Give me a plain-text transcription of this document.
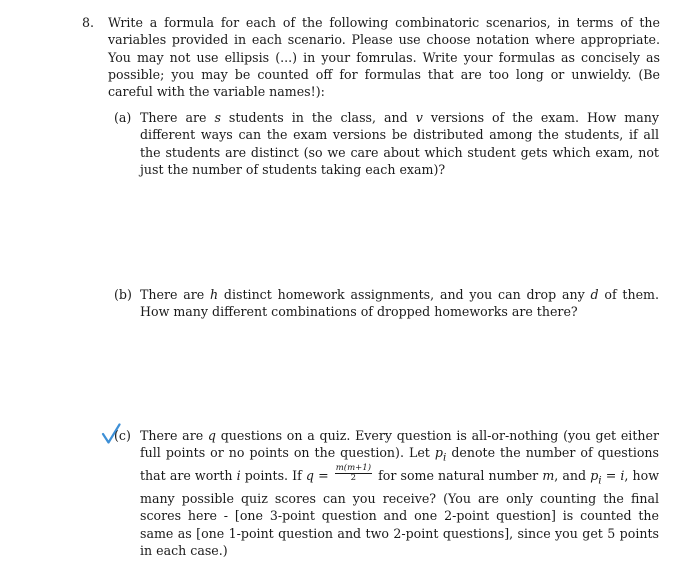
8. Write a formula for each of the following combinatoric scenarios, in terms of the variables provided in each scenario. Please use choose notation where appropriate. You may not use ellipsis (...) in your fomrulas. Write your formulas as concisely as possible; you may be counted off for formulas that are too long or unwieldy. (Be careful with the variable names!):
(a) There are s students in the class, and v versions of the exam. How many different ways can the exam versions be distributed among the students, if all the students are distinct (so we care about which student gets which exam, not just the number of students taking each exam)?
(b) There are h distinct homework assignments, and you can drop any d of them. How many different combinations of dropped homeworks are there?
(c) There are q questions on a quiz. Every question is all-or-nothing (you get either full points or no points on the question). Let $p_i$ denote the number of questions that are worth i points. If $q = \frac{m(m+1)}{2}$ for some natural number m, and $p_i = i$, how many possible quiz scores can you receive? (You are only counting the final scores here - [one 3-point question and one 2-point question] is counted the same as [one 1-point question and two 2-point questions], since you get 5 points in each case.)
